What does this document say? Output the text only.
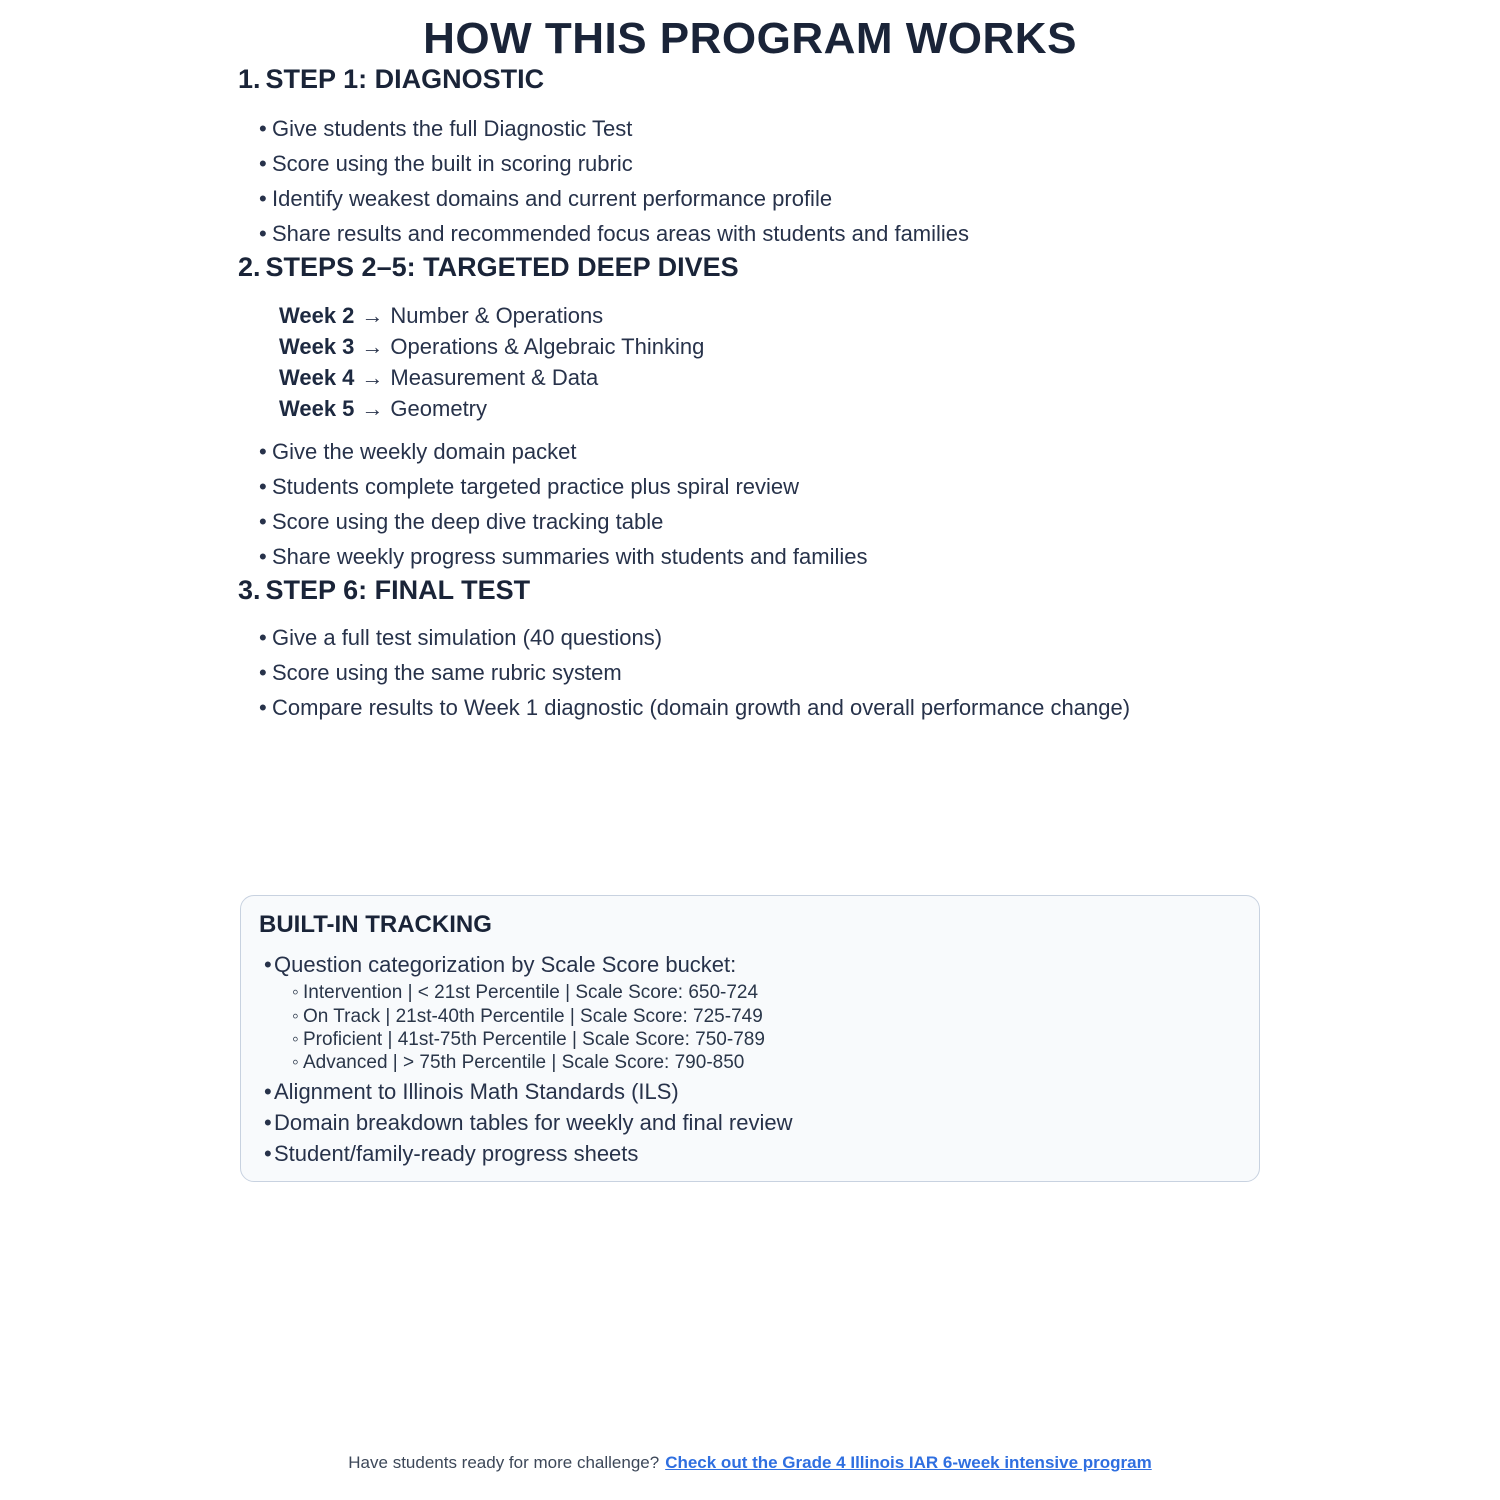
HOW THIS PROGRAM WORKS
1. STEP 1: DIAGNOSTIC
• Give students the full Diagnostic Test
• Score using the built in scoring rubric
• Identify weakest domains and current performance profile
• Share results and recommended focus areas with students and families
2. STEPS 2–5: TARGETED DEEP DIVES
Week 2 → Number & Operations
Week 3 → Operations & Algebraic Thinking
Week 4 → Measurement & Data
Week 5 → Geometry
• Give the weekly domain packet
• Students complete targeted practice plus spiral review
• Score using the deep dive tracking table
• Share weekly progress summaries with students and families
3. STEP 6: FINAL TEST
• Give a full test simulation (40 questions)
• Score using the same rubric system
• Compare results to Week 1 diagnostic (domain growth and overall performance change)
BUILT-IN TRACKING
• Question categorization by Scale Score bucket:
◦ Intervention | < 21st Percentile | Scale Score: 650-724
◦ On Track | 21st-40th Percentile | Scale Score: 725-749
◦ Proficient | 41st-75th Percentile | Scale Score: 750-789
◦ Advanced | > 75th Percentile | Scale Score: 790-850
• Alignment to Illinois Math Standards (ILS)
• Domain breakdown tables for weekly and final review
• Student/family-ready progress sheets
Have students ready for more challenge? Check out the Grade 4 Illinois IAR 6-week intensive program
